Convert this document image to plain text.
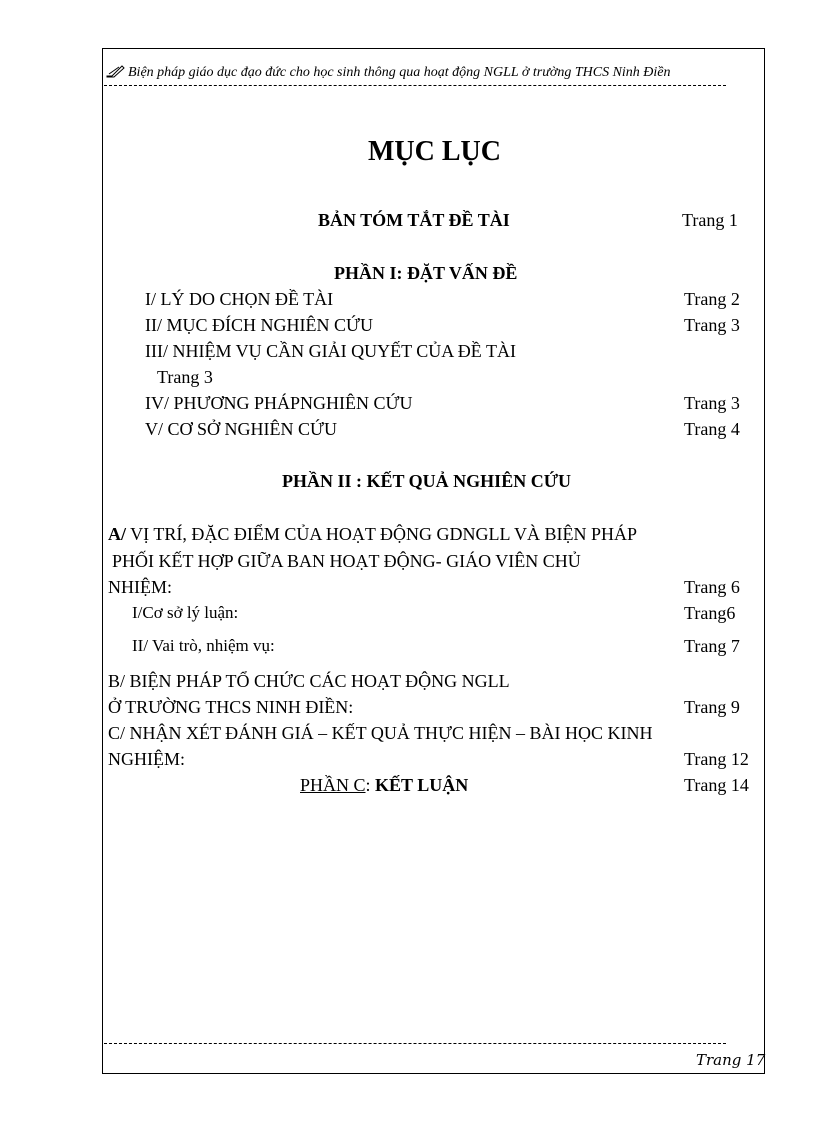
Biện pháp giáo dục đạo đức cho học sinh thông qua hoạt động NGLL ở trường THCS Ninh Điền
MỤC LỤC
BẢN TÓM TẮT ĐỀ TÀI	Trang 1
PHẦN I: ĐẶT VẤN ĐỀ
I/ LÝ DO CHỌN ĐỀ TÀI	Trang 2
II/ MỤC ĐÍCH NGHIÊN CỨU	Trang 3
III/ NHIỆM VỤ CẦN GIẢI QUYẾT CỦA ĐỀ TÀI
Trang 3
IV/ PHƯƠNG PHÁPNGHIÊN CỨU	Trang 3
V/ CƠ SỞ NGHIÊN CỨU	Trang 4
PHẦN II : KẾT QUẢ NGHIÊN CỨU
A/ VỊ TRÍ, ĐẶC ĐIỂM CỦA HOẠT ĐỘNG GDNGLL VÀ BIỆN PHÁP
PHỐI KẾT HỢP GIỮA BAN HOẠT ĐỘNG- GIÁO VIÊN CHỦ
NHIỆM:	Trang 6
I/Cơ sở lý luận:	Trang6
II/ Vai trò, nhiệm vụ:	Trang 7
B/ BIỆN PHÁP TỔ CHỨC CÁC HOẠT ĐỘNG NGLL
Ở TRƯỜNG THCS NINH ĐIỀN:	Trang 9
C/ NHẬN XÉT ĐÁNH GIÁ – KẾT QUẢ THỰC HIỆN – BÀI HỌC KINH
NGHIỆM:	Trang 12
PHẦN C: KẾT LUẬN	Trang 14
Trang 17
